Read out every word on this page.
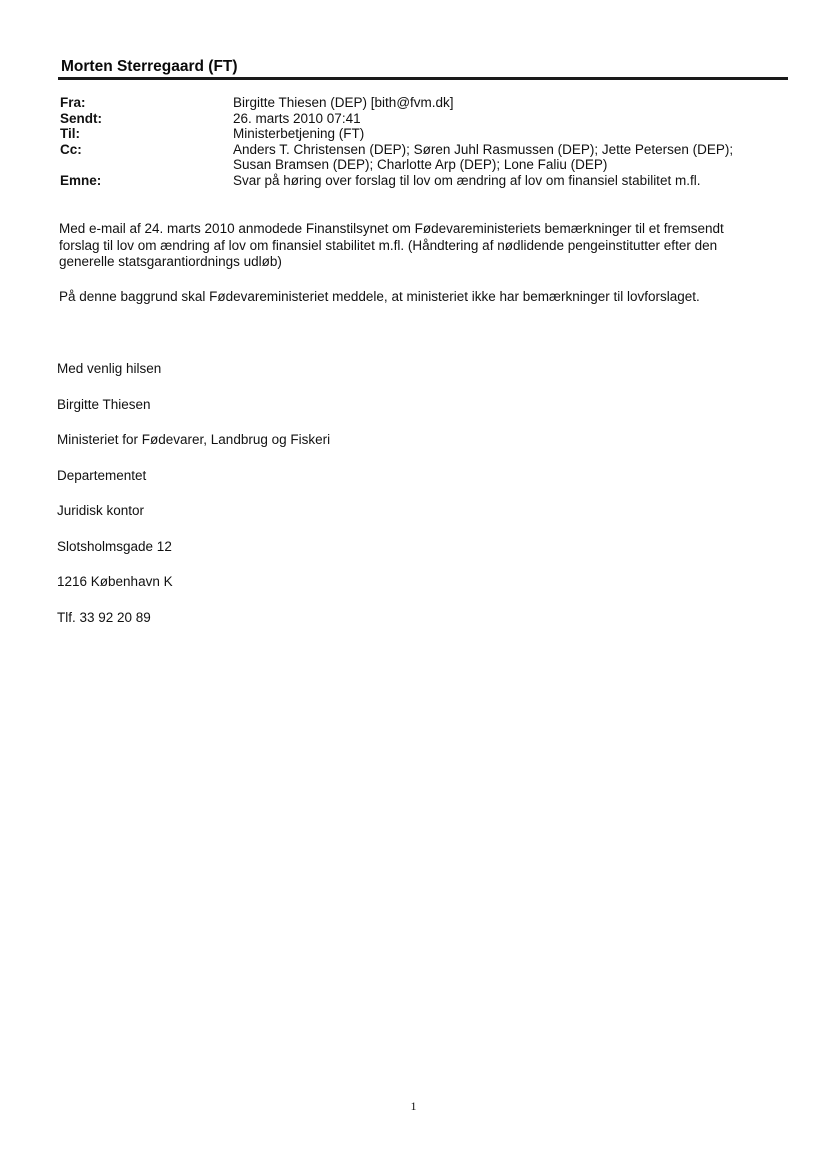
Morten Sterregaard (FT)
Fra:	Birgitte Thiesen (DEP) [bith@fvm.dk]
Sendt:	26. marts 2010 07:41
Til:	Ministerbetjening (FT)
Cc:	Anders T. Christensen (DEP); Søren Juhl Rasmussen (DEP); Jette Petersen (DEP);
Susan Bramsen (DEP); Charlotte Arp (DEP); Lone Faliu (DEP)
Emne:	Svar på høring over forslag til lov om ændring af lov om finansiel stabilitet m.fl.
Med e-mail af 24. marts 2010 anmodede Finanstilsynet om Fødevareministeriets bemærkninger til et fremsendt forslag til lov om ændring af lov om finansiel stabilitet m.fl. (Håndtering af nødlidende pengeinstitutter efter den generelle statsgarantiordnings udløb)
På denne baggrund skal Fødevareministeriet meddele, at ministeriet ikke har bemærkninger til lovforslaget.
Med venlig hilsen
Birgitte Thiesen
Ministeriet for Fødevarer, Landbrug og Fiskeri
Departementet
Juridisk kontor
Slotsholmsgade 12
1216 København K
Tlf. 33 92 20 89
1
